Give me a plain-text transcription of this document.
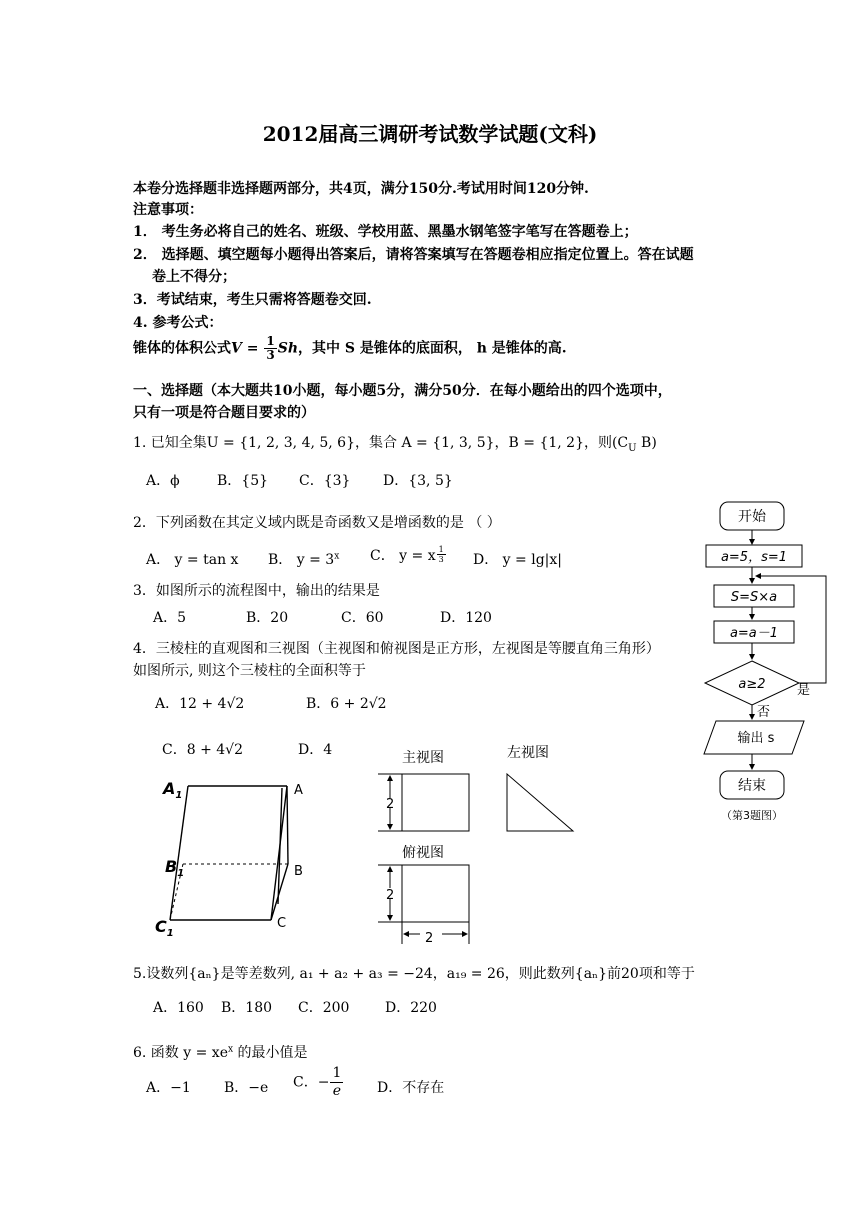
2012届高三调研考试数学试题(文科)
本卷分选择题非选择题两部分，共4页，满分150分.考试用时间120分钟.
注意事项：
1． 考生务必将自己的姓名、班级、学校用蓝、黑墨水钢笔签字笔写在答题卷上；
2． 选择题、填空题每小题得出答案后，请将答案填写在答题卷相应指定位置上。答在试题
卷上不得分；
3．考试结束，考生只需将答题卷交回.
4. 参考公式：
锥体的体积公式$V = \frac{1}{3}$ Sh，其中 S 是锥体的底面积， h 是锥体的高.
一、选择题（本大题共10小题，每小题5分，满分50分．在每小题给出的四个选项中，
只有一项是符合题目要求的）
1. 已知全集U = {1, 2, 3, 4, 5, 6}，集合 A = {1, 3, 5}，B = {1, 2}，则($C_U$ B)
A．ϕ	B．{5} C．{3} D．{3, 5}
2．下列函数在其定义域内既是奇函数又是增函数的是 （ ）
A． y = tan x B． $y = 3^x$ C． y = x $\frac{1}{3}$ D． y = lg|x|
3．如图所示的流程图中，输出的结果是
A．5	B．20	C．60	D．120
4．三棱柱的直观图和三视图（主视图和俯视图是正方形，左视图是等腰直角三角形）
如图所示, 则这个三棱柱的全面积等于
A．12 + 4√2	B．6 + 2√2
C．8 + 4√2	D．4
$A_1$	A
$B_1$	B
$C_1$
C
主视图	左视图
俯视图
2
2
2
开始
a=5，s=1
S=S×a
a=a－1
a≥2 是
否
输出 s
结束
（第3题图）
5.设数列{aₙ}是等差数列, a₁ + a₂ + a₃ = −24，a₁₉ = 26，则此数列{aₙ}前20项和等于
A．160 B．180 C．200	D．220
6. 函数 $y = xe^x$ 的最小值是
A．−1 B．−e C．− $\frac{1}{e}$ D．不存在
